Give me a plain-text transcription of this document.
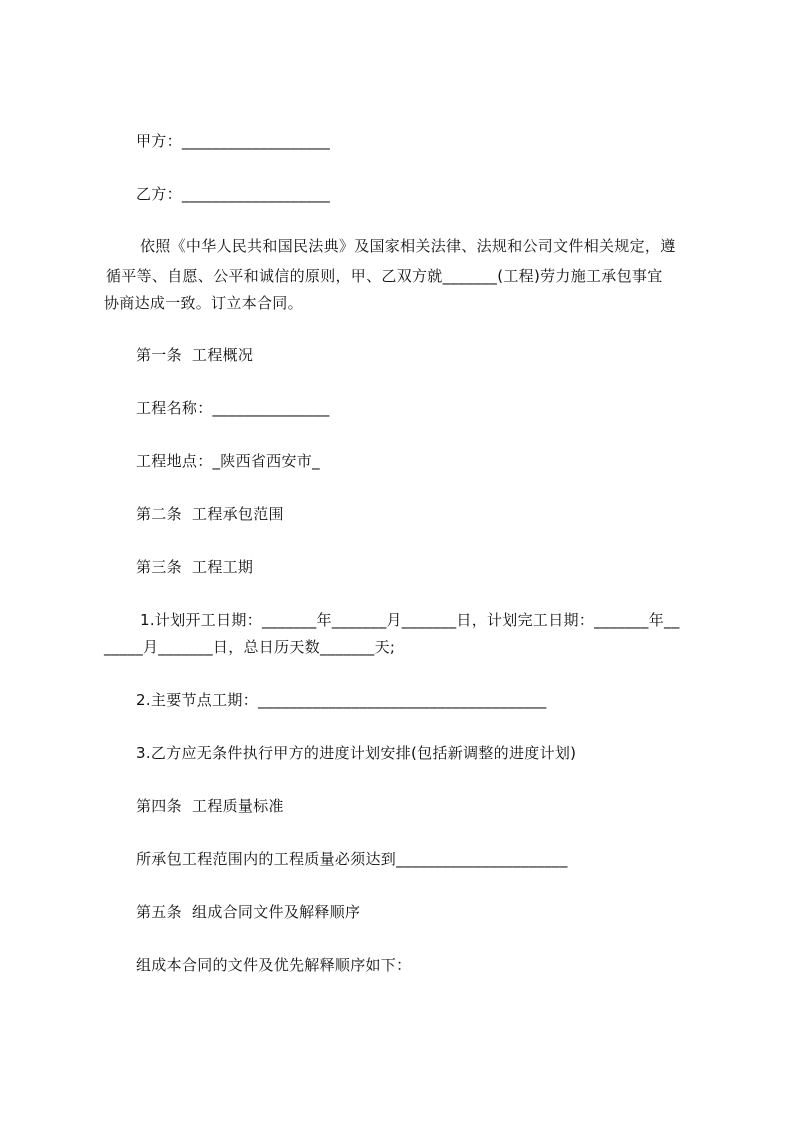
甲方：___________________
乙方：___________________
依照《中华人民共和国民法典》及国家相关法律、法规和公司文件相关规定，遵
循平等、自愿、公平和诚信的原则，甲、乙双方就_______(工程)劳力施工承包事宜
协商达成一致。订立本合同。
第一条  工程概况
工程名称：_______________
工程地点：_陕西省西安市_
第二条  工程承包范围
第三条  工程工期
1.计划开工日期：_______年_______月_______日，计划完工日期：_______年__
_____月_______日，总日历天数_______天;
2.主要节点工期：_____________________________________
3.乙方应无条件执行甲方的进度计划安排(包括新调整的进度计划)
第四条  工程质量标准
所承包工程范围内的工程质量必须达到______________________
第五条  组成合同文件及解释顺序
组成本合同的文件及优先解释顺序如下：
